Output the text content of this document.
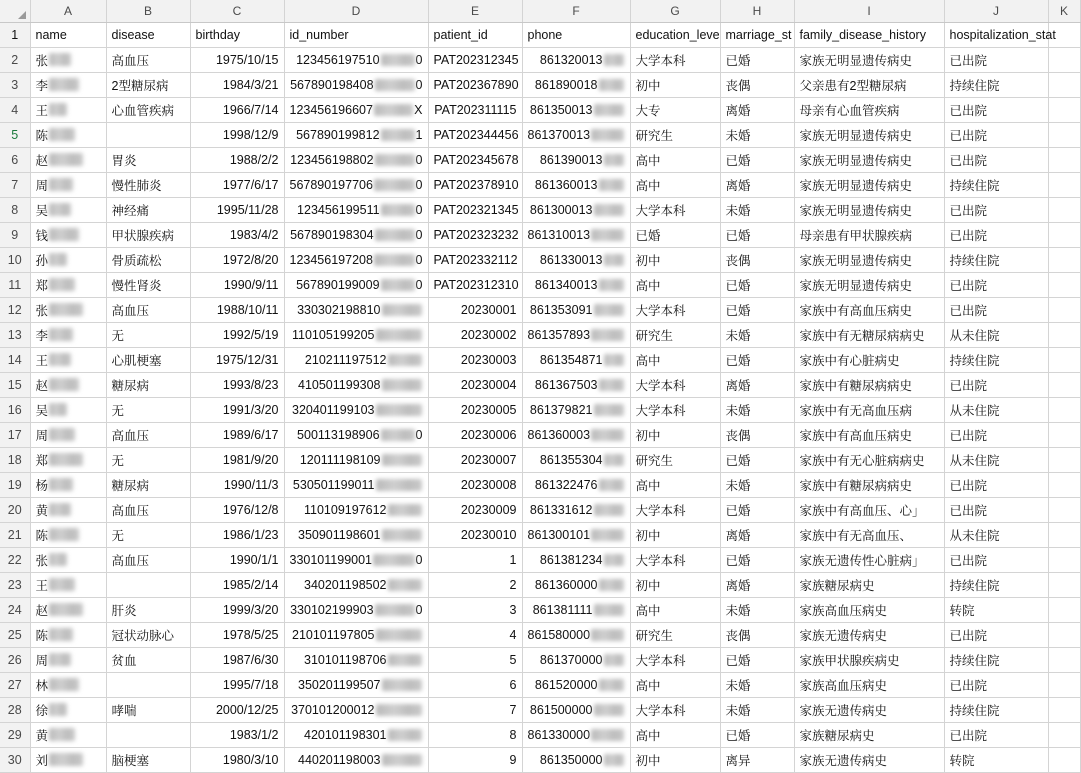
	A	B	C	D	E	F	G	H	I	J	K
1	name	disease	birthday	id_number	patient_id	phone	education_leve	marriage_st	family_disease_history	hospitalization_stat	
2	张	高血压	1975/10/15	123456197510 0	PAT202312345	861320013	大学本科	已婚	家族无明显遗传病史	已出院	
3	李	2型糖尿病	1984/3/21	567890198408 0	PAT202367890	861890018	初中	丧偶	父亲患有2型糖尿病	持续住院	
4	王	心血管疾病	1966/7/14	123456196607 X	PAT202311115	861350013	大专	离婚	母亲有心血管疾病	已出院	
5	陈		1998/12/9	567890199812 1	PAT202344456	861370013	研究生	未婚	家族无明显遗传病史	已出院	
6	赵	胃炎	1988/2/2	123456198802 0	PAT202345678	861390013	高中	已婚	家族无明显遗传病史	已出院	
7	周	慢性肺炎	1977/6/17	567890197706 0	PAT202378910	861360013	高中	离婚	家族无明显遗传病史	持续住院	
8	吴	神经痛	1995/11/28	123456199511 0	PAT202321345	861300013	大学本科	未婚	家族无明显遗传病史	已出院	
9	钱	甲状腺疾病	1983/4/2	567890198304 0	PAT202323232	861310013	已婚	已婚	母亲患有甲状腺疾病	已出院	
10	孙	骨质疏松	1972/8/20	123456197208 0	PAT202332112	861330013	初中	丧偶	家族无明显遗传病史	持续住院	
11	郑	慢性肾炎	1990/9/11	567890199009 0	PAT202312310	861340013	高中	已婚	家族无明显遗传病史	已出院	
12	张	高血压	1988/10/11	330302198810	20230001	861353091	大学本科	已婚	家族中有高血压病史	已出院	
13	李	无	1992/5/19	110105199205	20230002	861357893	研究生	未婚	家族中有无糖尿病病史	从未住院	
14	王	心肌梗塞	1975/12/31	210211197512	20230003	861354871	高中	已婚	家族中有心脏病史	持续住院	
15	赵	糖尿病	1993/8/23	410501199308	20230004	861367503	大学本科	离婚	家族中有糖尿病病史	已出院	
16	吴	无	1991/3/20	320401199103	20230005	861379821	大学本科	未婚	家族中有无高血压病	从未住院	
17	周	高血压	1989/6/17	500113198906 0	20230006	861360003	初中	丧偶	家族中有高血压病史	已出院	
18	郑	无	1981/9/20	120111198109	20230007	861355304	研究生	已婚	家族中有无心脏病病史	从未住院	
19	杨	糖尿病	1990/11/3	530501199011	20230008	861322476	高中	未婚	家族中有糖尿病病史	已出院	
20	黄	高血压	1976/12/8	110109197612	20230009	861331612	大学本科	已婚	家族中有高血压、心」	已出院	
21	陈	无	1986/1/23	350901198601	20230010	861300101	初中	离婚	家族中有无高血压、	从未住院	
22	张	高血压	1990/1/1	330101199001 0	1	861381234	大学本科	已婚	家族无遗传性心脏病」	已出院	
23	王		1985/2/14	340201198502	2	861360000	初中	离婚	家族糖尿病史	持续住院	
24	赵	肝炎	1999/3/20	330102199903 0	3	861381111	高中	未婚	家族高血压病史	转院	
25	陈	冠状动脉心	1978/5/25	210101197805	4	861580000	研究生	丧偶	家族无遗传病史	已出院	
26	周	贫血	1987/6/30	310101198706	5	861370000	大学本科	已婚	家族甲状腺疾病史	持续住院	
27	林		1995/7/18	350201199507	6	861520000	高中	未婚	家族高血压病史	已出院	
28	徐	哮喘	2000/12/25	370101200012	7	861500000	大学本科	未婚	家族无遗传病史	持续住院	
29	黄		1983/1/2	420101198301	8	861330000	高中	已婚	家族糖尿病史	已出院	
30	刘	脑梗塞	1980/3/10	440201198003	9	861350000	初中	离异	家族无遗传病史	转院	
